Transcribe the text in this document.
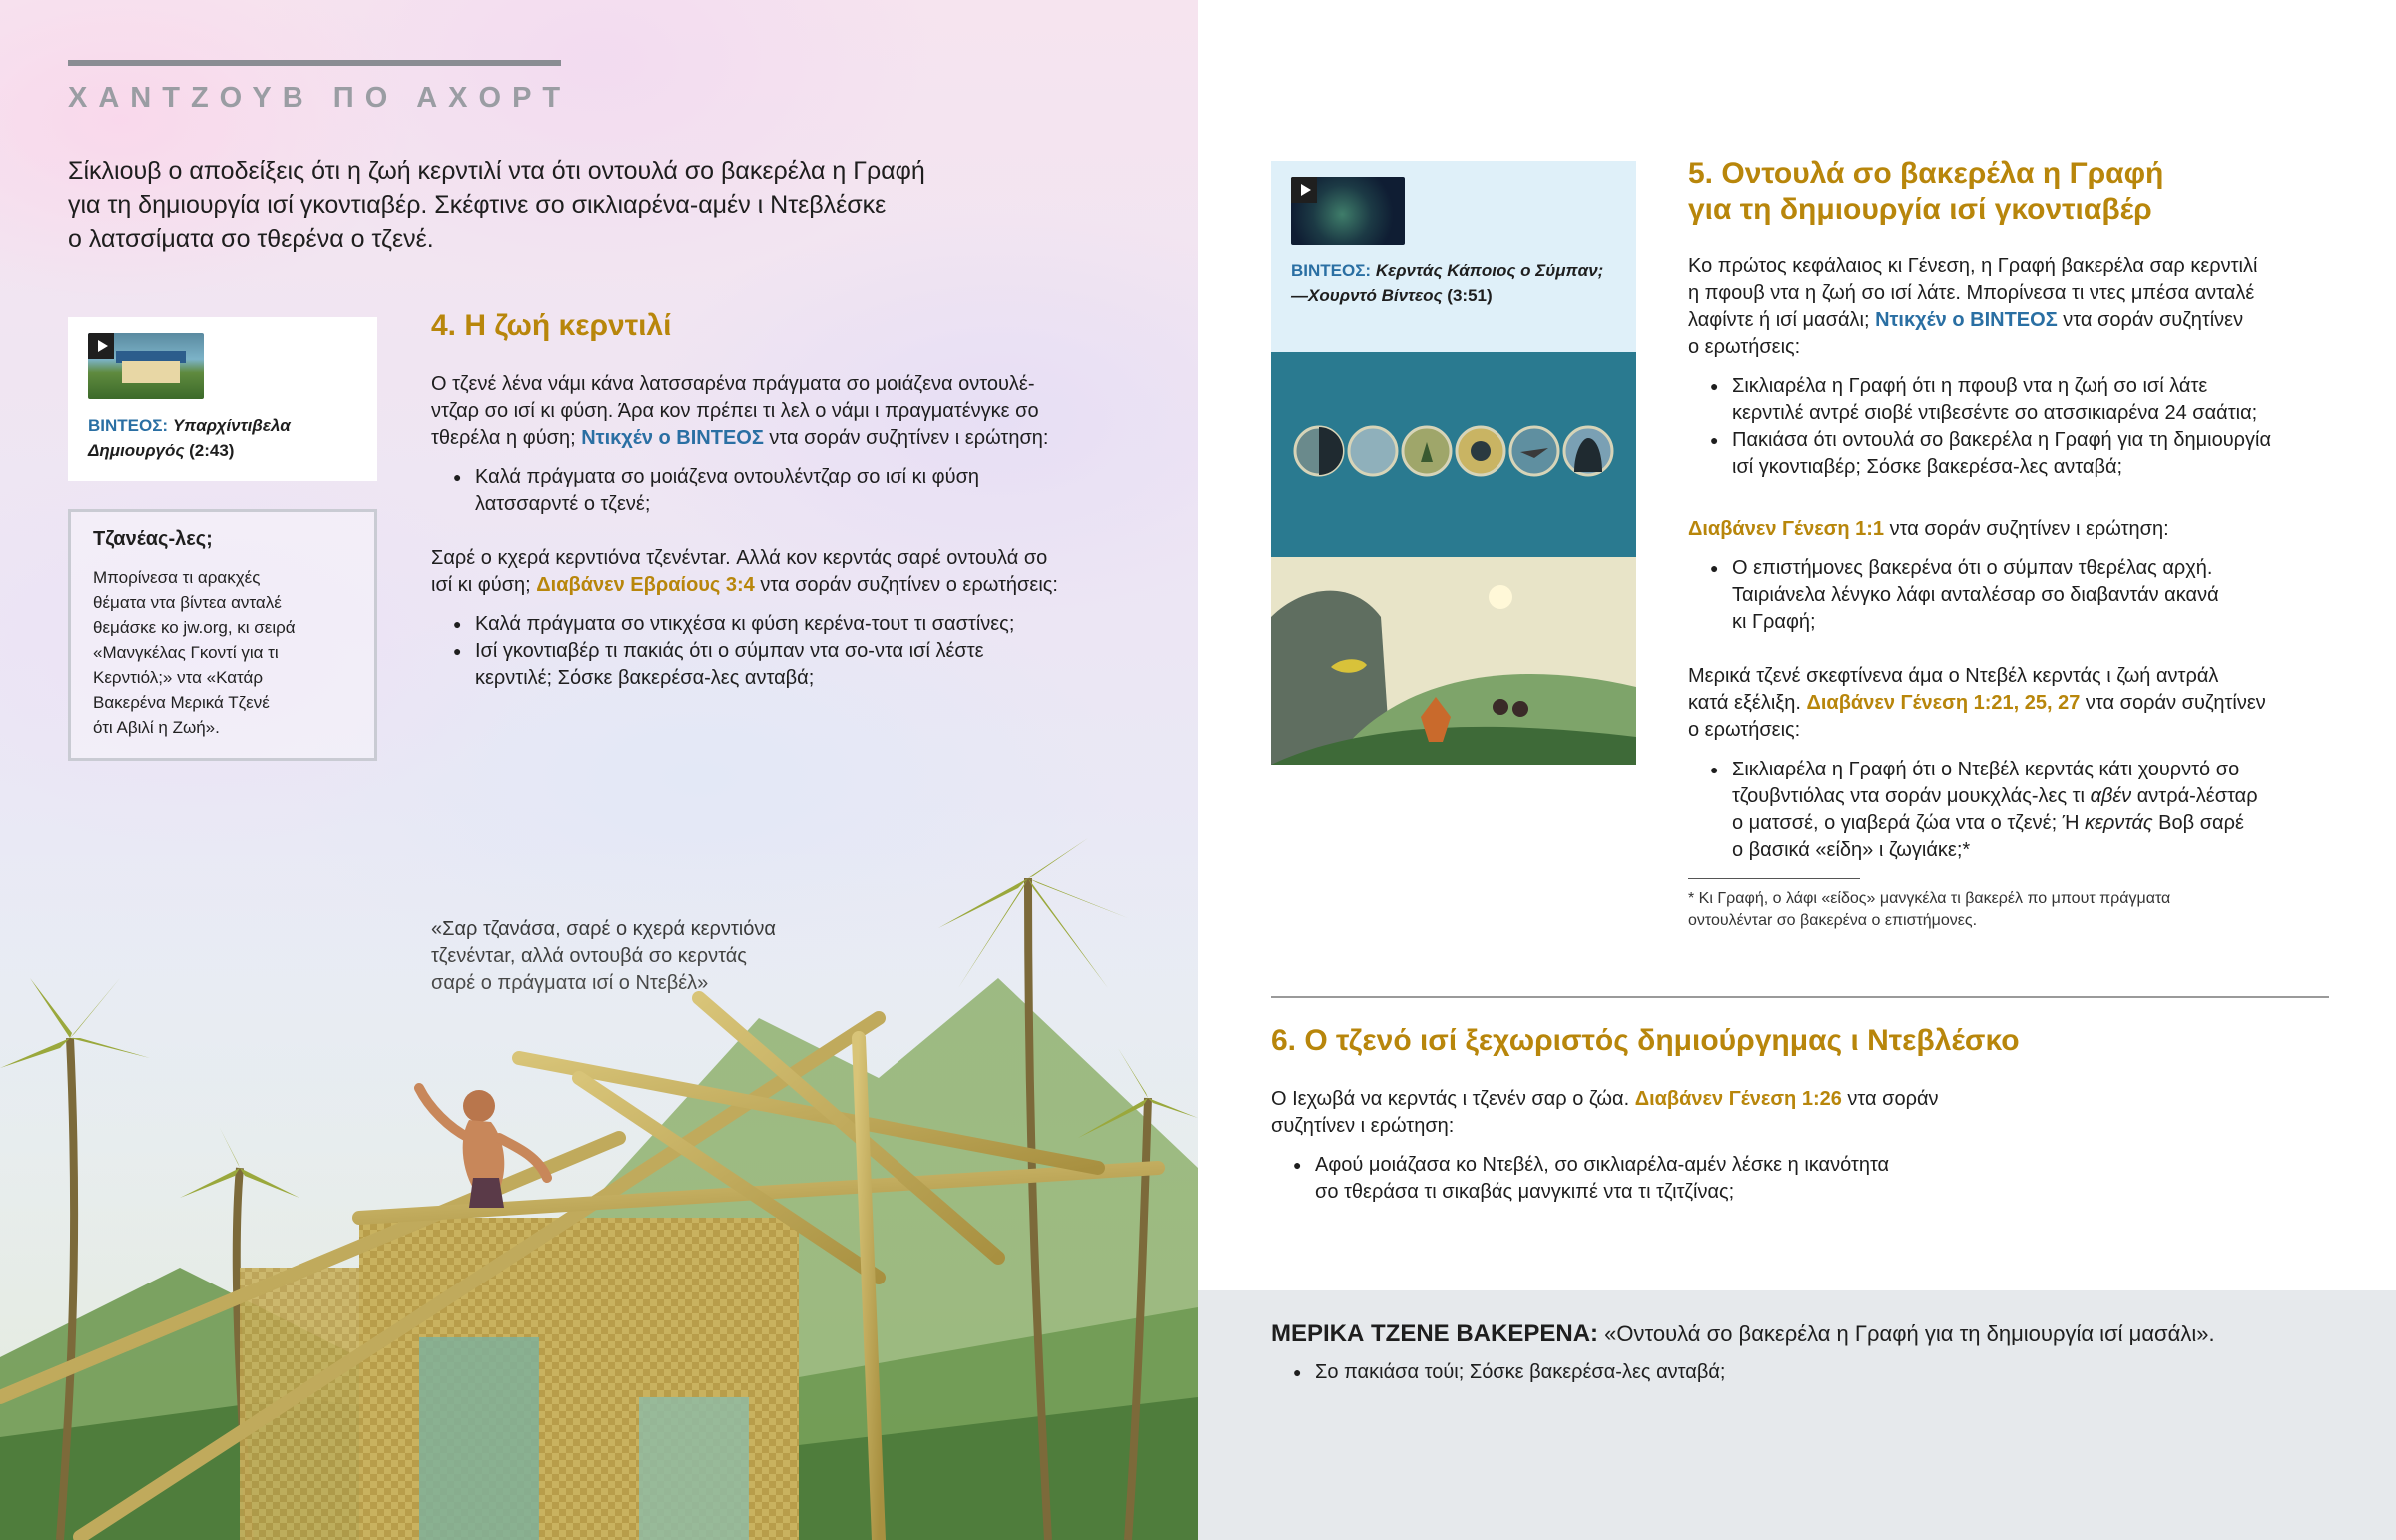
ΧΑΝΤΖΟΥΒ ΠΟ ΑΧΟΡΤ
Σίκλιουβ ο αποδείξεις ότι η ζωή κερντιλί ντα ότι οντουλά σο βακερέλα η Γραφή
για τη δημιουργία ισί γκοντιαβέρ. Σκέφτινε σο σικλιαρένα-αμέν ι Ντεβλέσκε
ο λατσσίματα σο τθερένα ο τζενέ.
ΒΙΝΤΕΟΣ: Υπαρχίντιβελα
Δημιουργός (2:43)
Τζανέας-λες;
Μπορίνεσα τι αρακχές
θέματα ντα βίντεα ανταλέ
θεμάσκε κο jw.org, κι σειρά
«Μανγκέλας Γκοντί για τι
Κερντιόλ;» ντα «Κατάρ
Βακερένα Μερικά Τζενέ
ότι Αβιλί η Ζωή».
4. Η ζωή κερντιλί
Ο τζενέ λένα νάμι κάνα λατσσαρένα πράγματα σο μοιάζενα οντουλέ-
ντζαρ σο ισί κι φύση. Άρα κον πρέπει τι λελ ο νάμι ι πραγματένγκε σο
τθερέλα η φύση; Ντικχέν ο ΒΙΝΤΕΟΣ ντα σοράν συζητίνεν ι ερώτηση:
● Καλά πράγματα σο μοιάζενα οντουλέντζαρ σο ισί κι φύση
λατσσαρντέ ο τζενέ;
Σαρέ ο κχερά κερντιόνα τζενέντar. Αλλά κον κερντάς σαρέ οντουλά σο
ισί κι φύση; Διαβάνεν Εβραίους 3:4 ντα σοράν συζητίνεν ο ερωτήσεις:
● Καλά πράγματα σο ντικχέσα κι φύση κερένα-τουτ τι σαστίνες;
● Ισί γκοντιαβέρ τι πακιάς ότι ο σύμπαν ντα σο-ντα ισί λέστε
κερντιλέ; Σόσκε βακερέσα-λες ανταβά;
ΒΙΝΤΕΟΣ: Κερντάς Κάποιος ο Σύμπαν;
—Χουρντό Βίντεος (3:51)
5. Οντουλά σο βακερέλα η Γραφή
για τη δημιουργία ισί γκοντιαβέρ
Κο πρώτος κεφάλαιος κι Γένεση, η Γραφή βακερέλα σαρ κερντιλί
η πφουβ ντα η ζωή σο ισί λάτε. Μπορίνεσα τι ντες μπέσα ανταλέ
λαφίντε ή ισί μασάλι; Ντικχέν ο ΒΙΝΤΕΟΣ ντα σοράν συζητίνεν
ο ερωτήσεις:
● Σικλιαρέλα η Γραφή ότι η πφουβ ντα η ζωή σο ισί λάτε
κερντιλέ αντρέ σιοβέ ντιβεσέντε σο ατσσικιαρένα 24 σαάτια;
● Πακιάσα ότι οντουλά σο βακερέλα η Γραφή για τη δημιουργία
ισί γκοντιαβέρ; Σόσκε βακερέσα-λες ανταβά;
Διαβάνεν Γένεση 1:1 ντα σοράν συζητίνεν ι ερώτηση:
● Ο επιστήμονες βακερένα ότι ο σύμπαν τθερέλας αρχή.
Ταιριάνελα λένγκο λάφι ανταλέσαρ σο διαβαντάν ακανά
κι Γραφή;
Μερικά τζενέ σκεφτίνενα άμα ο Ντεβέλ κερντάς ι ζωή αντράλ
κατά εξέλιξη. Διαβάνεν Γένεση 1:21, 25, 27 ντα σοράν συζητίνεν
ο ερωτήσεις:
● Σικλιαρέλα η Γραφή ότι ο Ντεβέλ κερντάς κάτι χουρντό σο
τζουβντιόλας ντα σοράν μουκχλάς-λες τι αβέν αντρά-λέσταρ
ο ματσσέ, ο γιαβερά ζώα ντα ο τζενέ; Ή κερντάς Βοβ σαρέ
ο βασικά «είδη» ι ζωγιάκε;*
* Κι Γραφή, ο λάφι «είδος» μανγκέλα τι βακερέλ πο μπουτ πράγματα
οντουλέντar σο βακερένα ο επιστήμονες.
6. Ο τζενό ισί ξεχωριστός δημιούργημας ι Ντεβλέσκο
Ο Ιεχωβά να κερντάς ι τζενέν σαρ ο ζώα. Διαβάνεν Γένεση 1:26 ντα σοράν
συζητίνεν ι ερώτηση:
● Αφού μοιάζασα κο Ντεβέλ, σο σικλιαρέλα-αμέν λέσκε η ικανότητα
σο τθεράσα τι σικαβάς μανγκιπέ ντα τι τζιτζίνας;
ΜΕΡΙΚΑ ΤΖΕΝΕ ΒΑΚΕΡΕΝΑ: «Οντουλά σο βακερέλα η Γραφή για τη δημιουργία ισί μασάλι».
● Σο πακιάσα τούι; Σόσκε βακερέσα-λες ανταβά;
